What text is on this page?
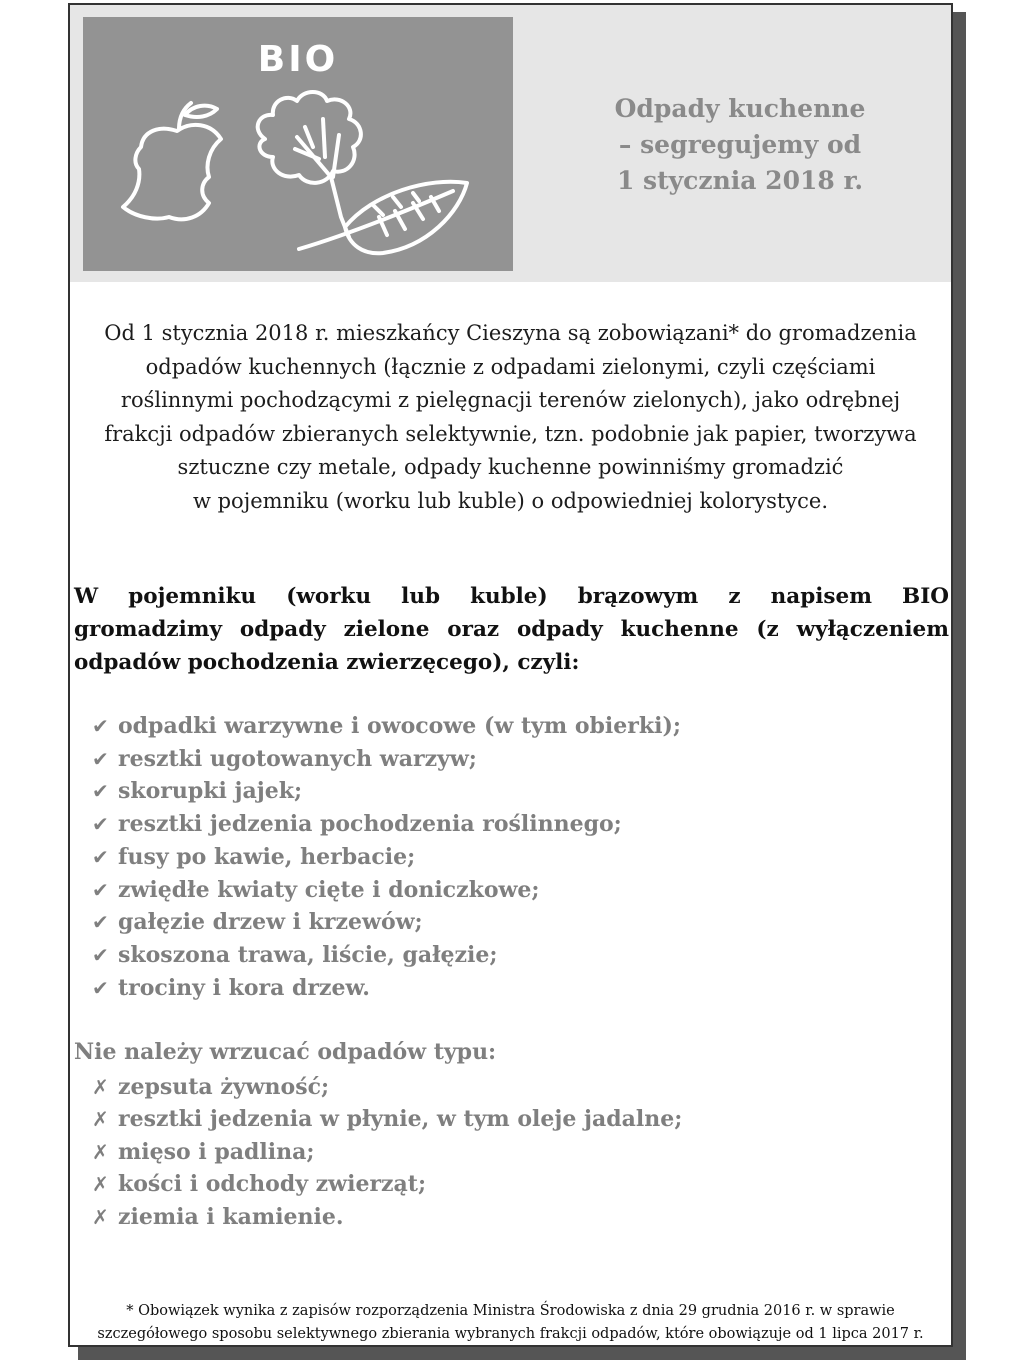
BIO
Odpady kuchenne
– segregujemy od
1 stycznia 2018 r.
Od 1 stycznia 2018 r. mieszkańcy Cieszyna są zobowiązani* do gromadzenia
odpadów kuchennych (łącznie z odpadami zielonymi, czyli częściami
roślinnymi pochodzącymi z pielęgnacji terenów zielonych), jako odrębnej
frakcji odpadów zbieranych selektywnie, tzn. podobnie jak papier, tworzywa
sztuczne czy metale, odpady kuchenne powinniśmy gromadzić
w pojemniku (worku lub kuble) o odpowiedniej kolorystyce.
W pojemniku (worku lub kuble) brązowym z napisem BIO
gromadzimy odpady zielone oraz odpady kuchenne (z wyłączeniem
odpadów pochodzenia zwierzęcego), czyli:
✔ odpadki warzywne i owocowe (w tym obierki);
✔ resztki ugotowanych warzyw;
✔ skorupki jajek;
✔ resztki jedzenia pochodzenia roślinnego;
✔ fusy po kawie, herbacie;
✔ zwiędłe kwiaty cięte i doniczkowe;
✔ gałęzie drzew i krzewów;
✔ skoszona trawa, liście, gałęzie;
✔ trociny i kora drzew.
Nie należy wrzucać odpadów typu:
✗ zepsuta żywność;
✗ resztki jedzenia w płynie, w tym oleje jadalne;
✗ mięso i padlina;
✗ kości i odchody zwierząt;
✗ ziemia i kamienie.
* Obowiązek wynika z zapisów rozporządzenia Ministra Środowiska z dnia 29 grudnia 2016 r. w sprawie
szczegółowego sposobu selektywnego zbierania wybranych frakcji odpadów, które obowiązuje od 1 lipca 2017 r.
